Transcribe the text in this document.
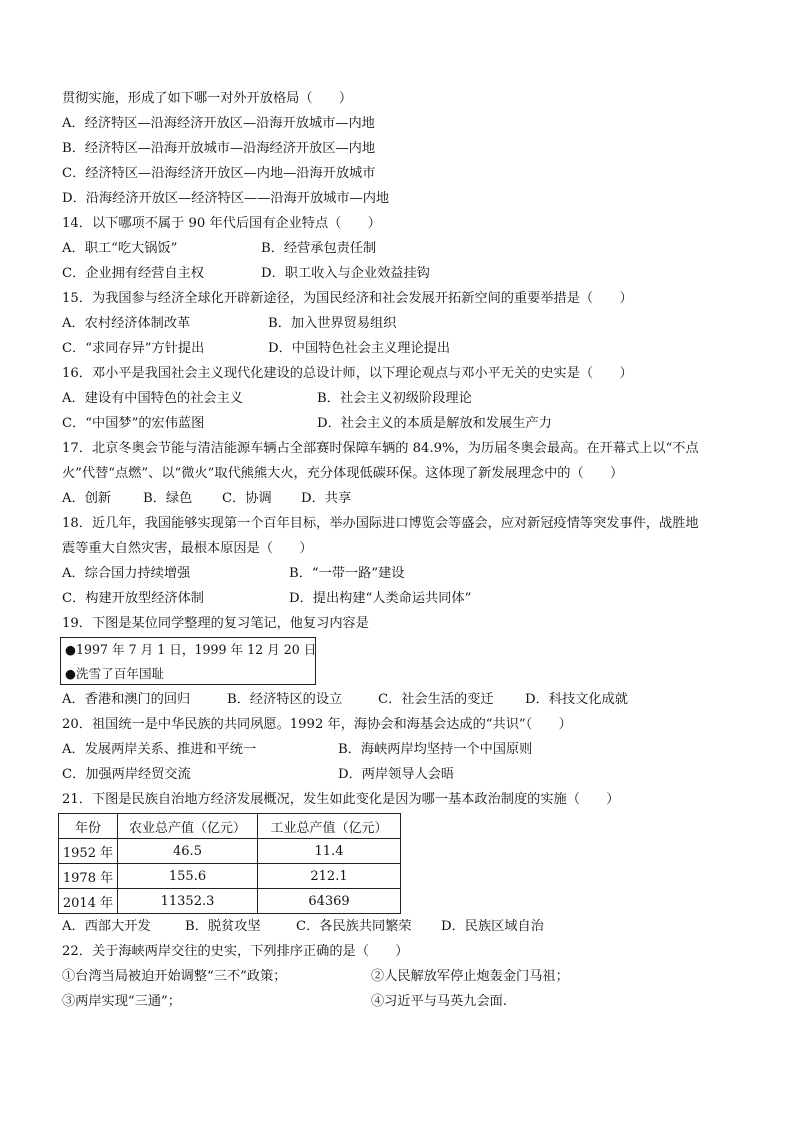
贯彻实施，形成了如下哪一对外开放格局（　　）
A．经济特区—沿海经济开放区—沿海开放城市—内地
B．经济特区—沿海开放城市—沿海经济开放区—内地
C．经济特区—沿海经济开放区—内地—沿海开放城市
D．沿海经济开放区—经济特区——沿海开放城市—内地
14．以下哪项不属于 90 年代后国有企业特点（　　）
A．职工“吃大锅饭”	B．经营承包责任制
C．企业拥有经营自主权	D．职工收入与企业效益挂钩
15．为我国参与经济全球化开辟新途径，为国民经济和社会发展开拓新空间的重要举措是（　　）
A．农村经济体制改革	B．加入世界贸易组织
C．“求同存异”方针提出	D．中国特色社会主义理论提出
16．邓小平是我国社会主义现代化建设的总设计师，以下理论观点与邓小平无关的史实是（　　）
A．建设有中国特色的社会主义	B．社会主义初级阶段理论
C．“中国梦”的宏伟蓝图	D．社会主义的本质是解放和发展生产力
17．北京冬奥会节能与清洁能源车辆占全部赛时保障车辆的 84.9%，为历届冬奥会最高。在开幕式上以“不点
火”代替“点燃”、以“微火”取代熊熊大火，充分体现低碳环保。这体现了新发展理念中的（　　）
A．创新 B．绿色 C．协调 D．共享
18．近几年，我国能够实现第一个百年目标，举办国际进口博览会等盛会，应对新冠疫情等突发事件，战胜地
震等重大自然灾害，最根本原因是（　　）
A．综合国力持续增强	B．“一带一路”建设
C．构建开放型经济体制	D．提出构建“人类命运共同体”
19．下图是某位同学整理的复习笔记，他复习内容是
●1997 年 7 月 1 日，1999 年 12 月 20 日
●洗雪了百年国耻
A．香港和澳门的回归	B．经济特区的设立	C．社会生活的变迁 D．科技文化成就
20．祖国统一是中华民族的共同夙愿。1992 年，海协会和海基会达成的“共识”（　　）
A．发展两岸关系、推进和平统一	B．海峡两岸均坚持一个中国原则
C．加强两岸经贸交流	D．两岸领导人会晤
21．下图是民族自治地方经济发展概况，发生如此变化是因为哪一基本政治制度的实施（　　）
年份	农业总产值（亿元）	工业总产值（亿元）
1952 年	46.5	11.4
1978 年	155.6	212.1
2014 年	11352.3	64369
A．西部大开发	B．脱贫攻坚	C．各民族共同繁荣 D．民族区域自治
22．关于海峡两岸交往的史实，下列排序正确的是（　　）
①台湾当局被迫开始调整“三不”政策；	②人民解放军停止炮轰金门马祖；
③两岸实现“三通”；	④习近平与马英九会面.
